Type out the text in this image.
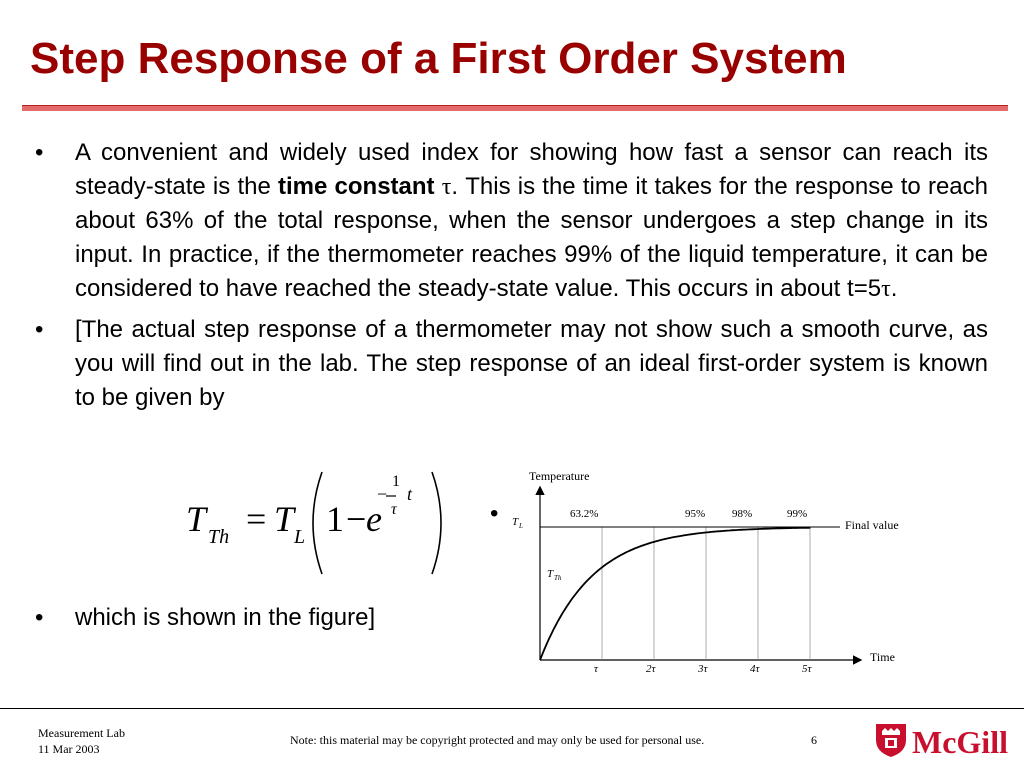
Step Response of a First Order System
• A convenient and widely used index for showing how fast a sensor can reach its steady-state is the time constant τ. This is the time it takes for the response to reach about 63% of the total response, when the sensor undergoes a step change in its input. In practice, if the thermometer reaches 99% of the liquid temperature, it can be considered to have reached the steady-state value. This occurs in about t=5τ.
• [The actual step response of a thermometer may not show such a smooth curve, as you will find out in the lab. The step response of an ideal first-order system is known to be given by
T Th = T L 1 − e
−
1
τ
t
•
• which is shown in the figure]
Temperature
Time
Final value
T L
T Th
63.2%	95% 98%	99%
τ	2τ	3τ	4τ	5τ
Measurement Lab
11 Mar 2003
Note: this material may be copyright protected and may only be used for personal use.	6	McGill
